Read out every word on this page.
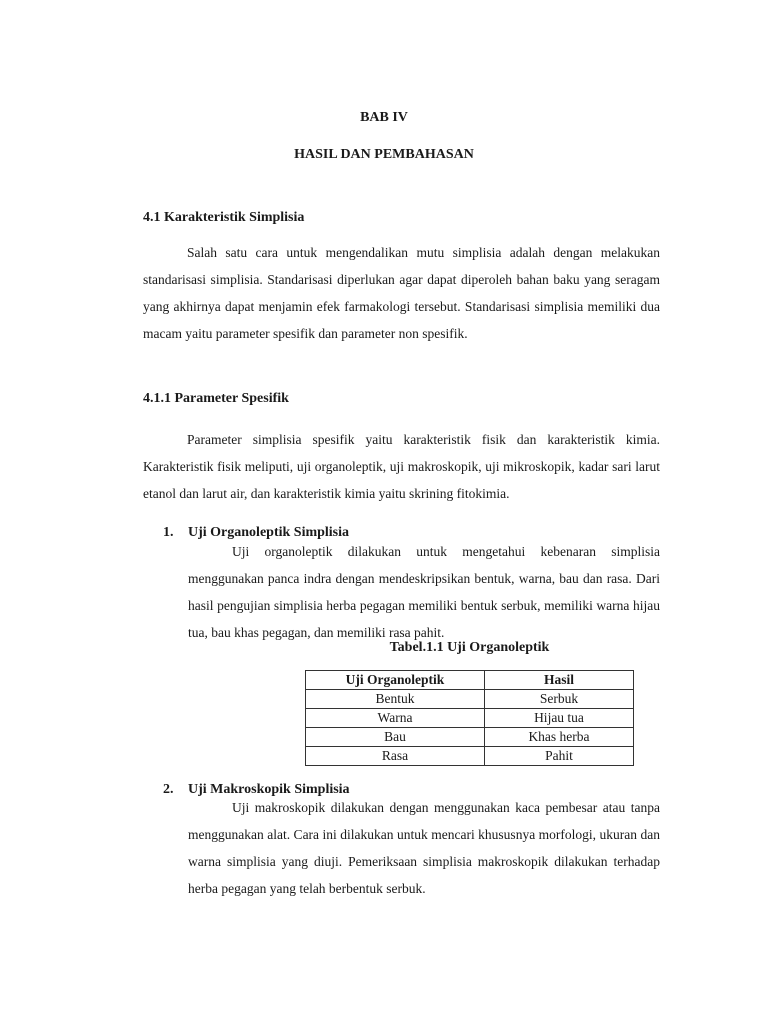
BAB IV
HASIL DAN PEMBAHASAN
4.1 Karakteristik Simplisia

Salah satu cara untuk mengendalikan mutu simplisia adalah dengan melakukan standarisasi simplisia. Standarisasi diperlukan agar dapat diperoleh bahan baku yang seragam yang akhirnya dapat menjamin efek farmakologi tersebut. Standarisasi simplisia memiliki dua macam yaitu parameter spesifik dan parameter non spesifik.

4.1.1 Parameter Spesifik

Parameter simplisia spesifik yaitu karakteristik fisik dan karakteristik kimia. Karakteristik fisik meliputi, uji organoleptik, uji makroskopik, uji mikroskopik, kadar sari larut etanol dan larut air, dan karakteristik kimia yaitu skrining fitokimia.

1. Uji Organoleptik Simplisia

Uji organoleptik dilakukan untuk mengetahui kebenaran simplisia menggunakan panca indra dengan mendeskripsikan bentuk, warna, bau dan rasa. Dari hasil pengujian simplisia herba pegagan memiliki bentuk serbuk, memiliki warna hijau tua, bau khas pegagan, dan memiliki rasa pahit.

Tabel.1.1 Uji Organoleptik
Uji Organoleptik	Hasil
Bentuk	Serbuk
Warna	Hijau tua
Bau	Khas herba
Rasa	Pahit
2. Uji Makroskopik Simplisia

Uji makroskopik dilakukan dengan menggunakan kaca pembesar atau tanpa menggunakan alat. Cara ini dilakukan untuk mencari khususnya morfologi, ukuran dan warna simplisia yang diuji. Pemeriksaan simplisia makroskopik dilakukan terhadap herba pegagan yang telah berbentuk serbuk.
